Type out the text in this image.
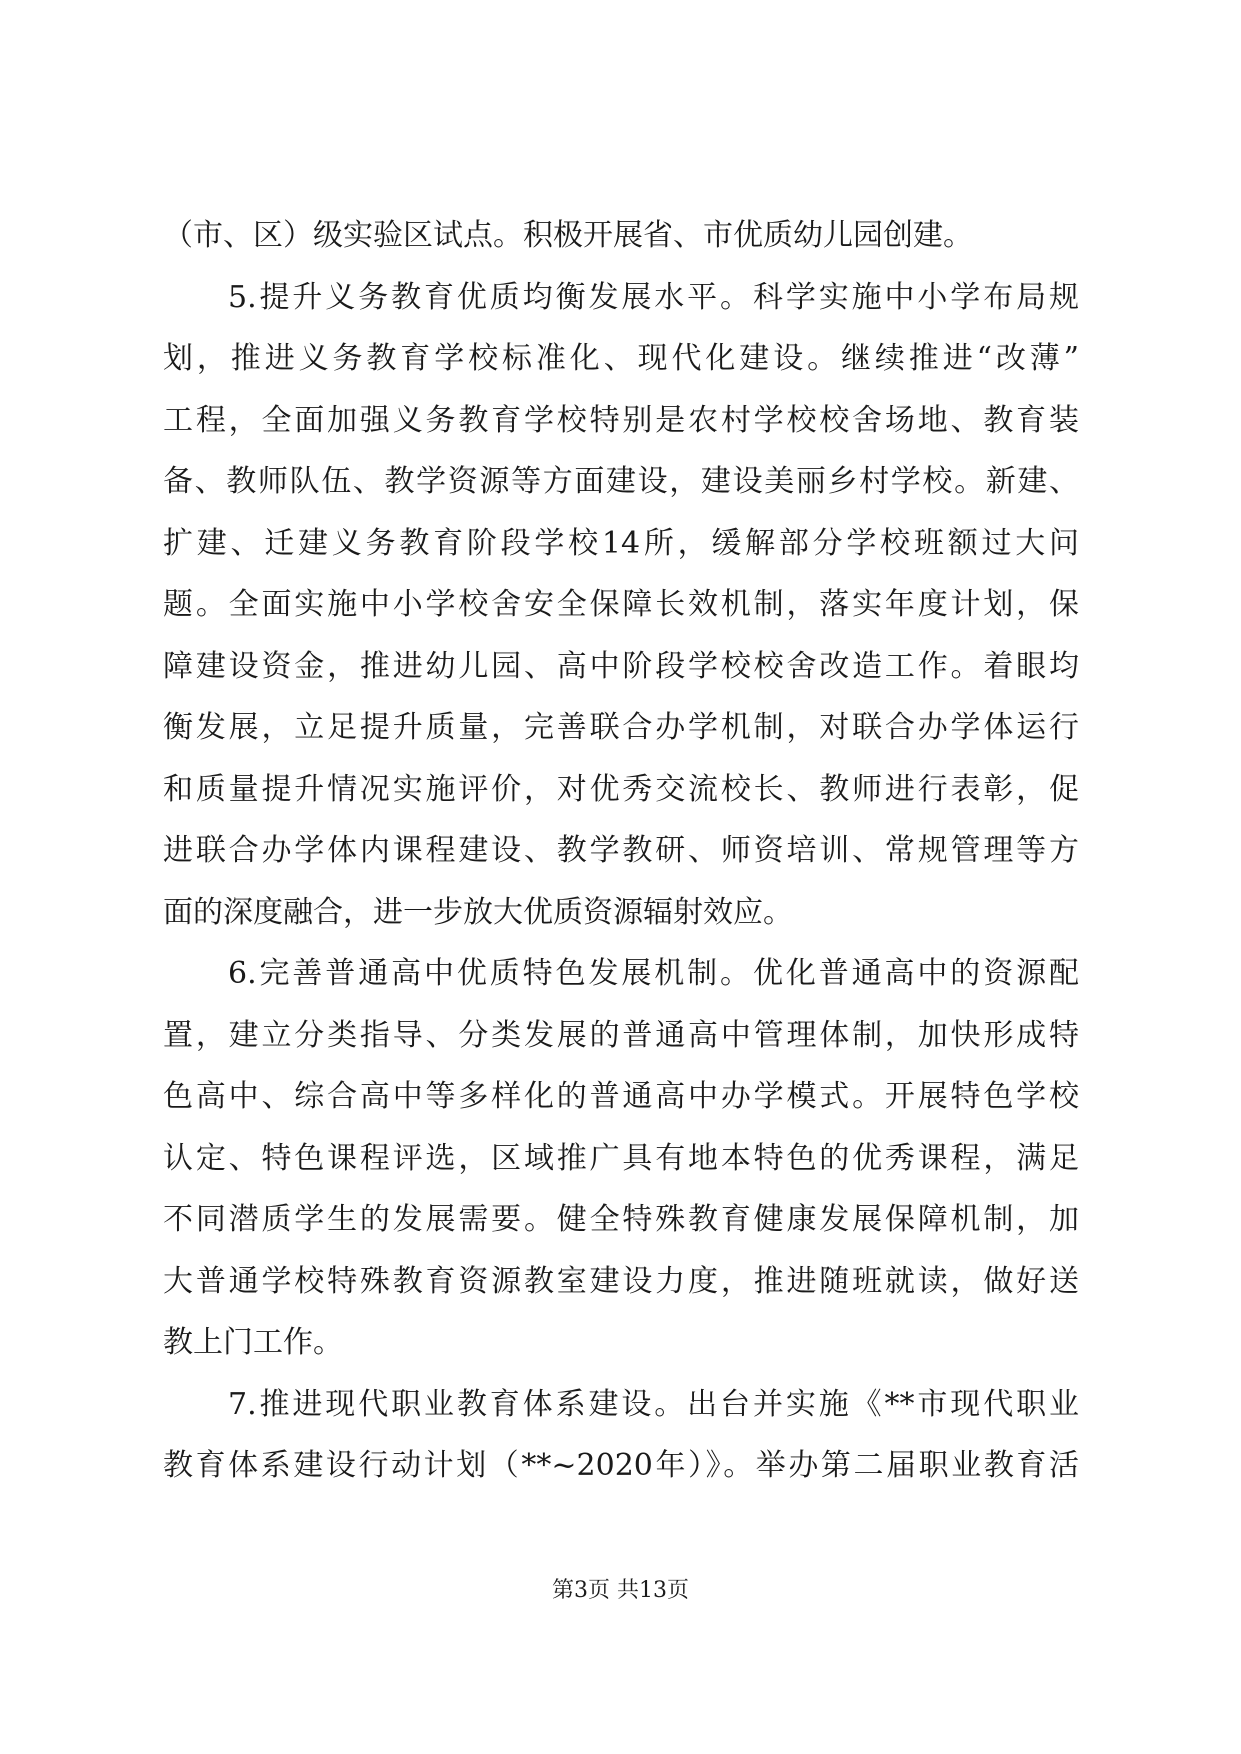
（市、区）级实验区试点。积极开展省、市优质幼儿园创建。
5.提升义务教育优质均衡发展水平。科学实施中小学布局规
划，推进义务教育学校标准化、现代化建设。继续推进“改薄”
工程，全面加强义务教育学校特别是农村学校校舍场地、教育装
备、教师队伍、教学资源等方面建设，建设美丽乡村学校。新建、
扩建、迁建义务教育阶段学校14所，缓解部分学校班额过大问
题。全面实施中小学校舍安全保障长效机制，落实年度计划，保
障建设资金，推进幼儿园、高中阶段学校校舍改造工作。着眼均
衡发展，立足提升质量，完善联合办学机制，对联合办学体运行
和质量提升情况实施评价，对优秀交流校长、教师进行表彰，促
进联合办学体内课程建设、教学教研、师资培训、常规管理等方
面的深度融合，进一步放大优质资源辐射效应。
6.完善普通高中优质特色发展机制。优化普通高中的资源配
置，建立分类指导、分类发展的普通高中管理体制，加快形成特
色高中、综合高中等多样化的普通高中办学模式。开展特色学校
认定、特色课程评选，区域推广具有地本特色的优秀课程，满足
不同潜质学生的发展需要。健全特殊教育健康发展保障机制，加
大普通学校特殊教育资源教室建设力度，推进随班就读，做好送
教上门工作。
7.推进现代职业教育体系建设。出台并实施《**市现代职业
教育体系建设行动计划（**~2020年）》。举办第二届职业教育活
第3页 共13页
